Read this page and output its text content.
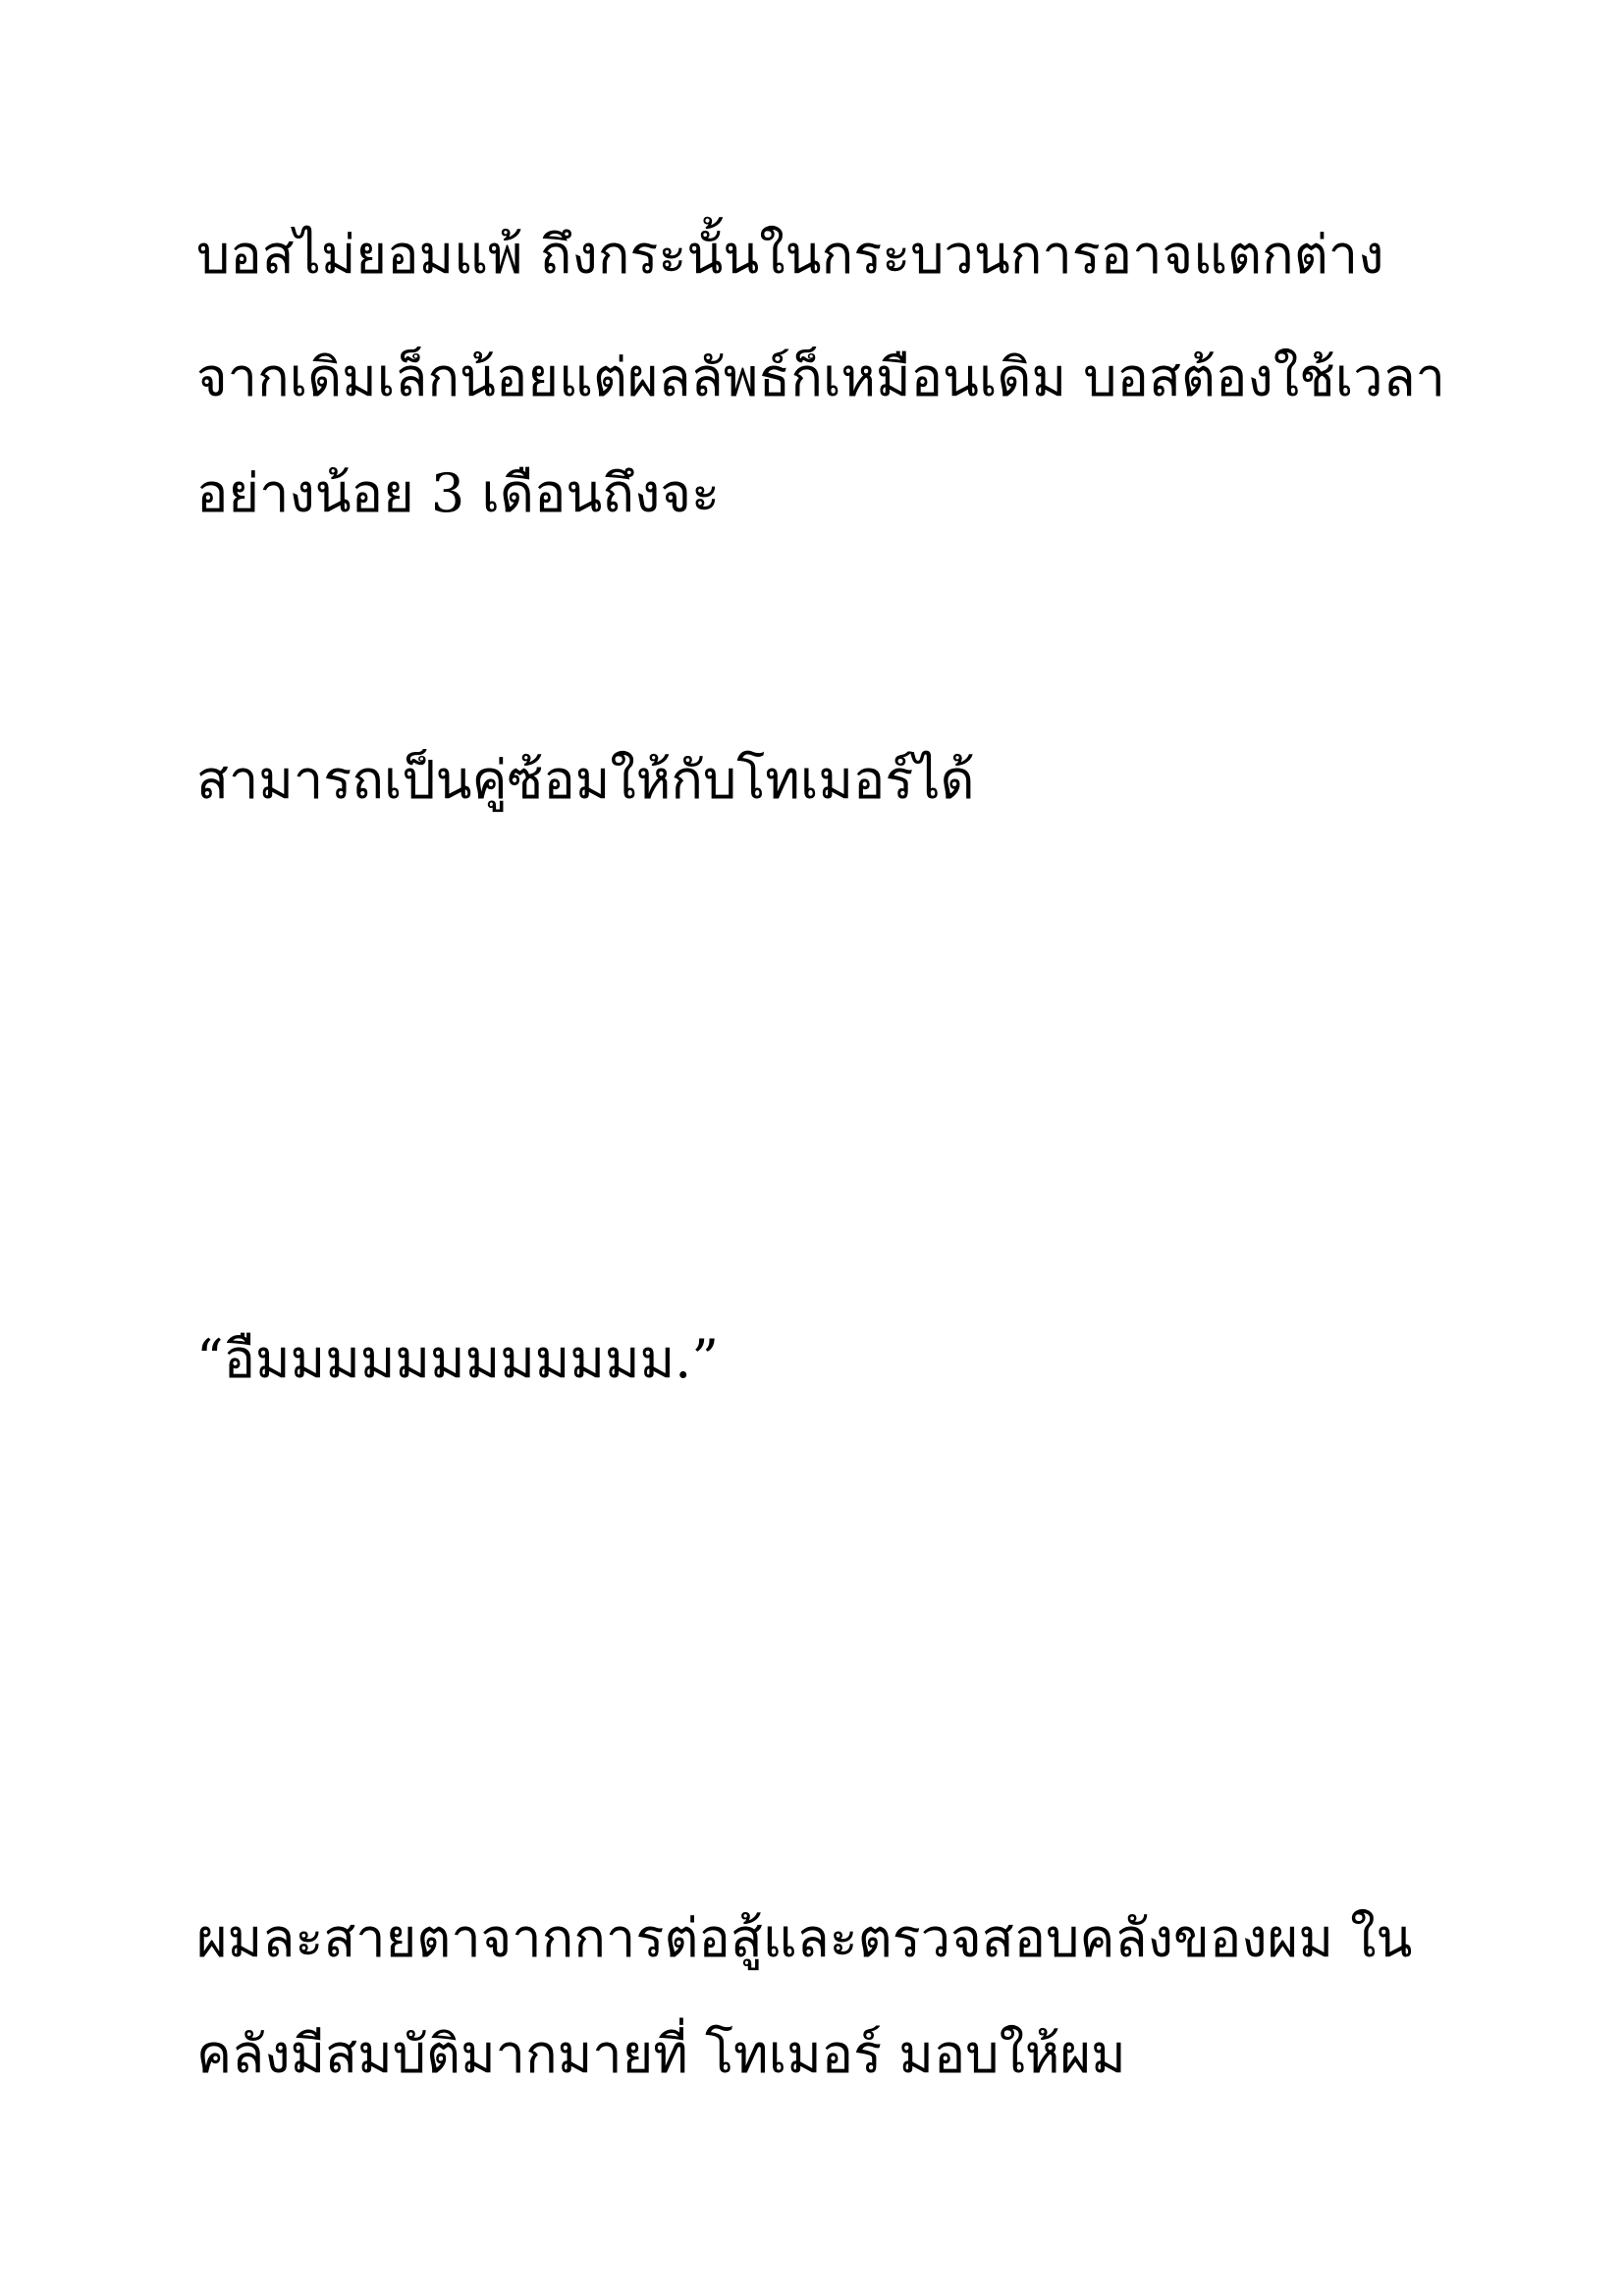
บอสไม่ยอมแพ้ ถึงกระนั้นในกระบวนการอาจแตกต่าง
จากเดิมเล็กน้อยแต่ผลลัพธ์ก็เหมือนเดิม บอสต้องใช้เวลา
อย่างน้อย 3 เดือนถึงจะ
สามารถเป็นคู่ซ้อมให้กับโทเมอร์ได้
“อืมมมมมมมมมมมม.”
ผมละสายตาจากการต่อสู้และตรวจสอบคลังของผม ใน
คลังมีสมบัติมากมายที่ โทเมอร์ มอบให้ผม
